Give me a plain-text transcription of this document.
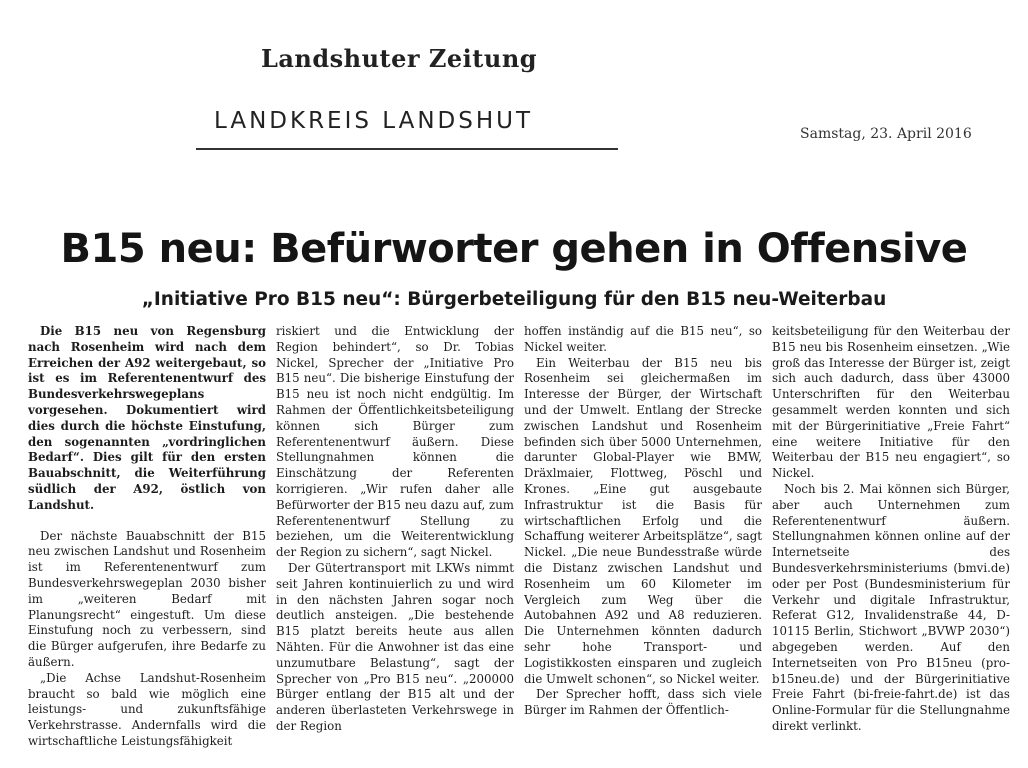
Landshuter Zeitung
LANDKREIS LANDSHUT	Samstag, 23. April 2016
B15 neu: Befürworter gehen in Offensive
„Initiative Pro B15 neu“: Bürgerbeteiligung für den B15 neu-Weiterbau

Die B15 neu von Regensburg nach Rosenheim wird nach dem Erreichen der A92 weitergebaut, so ist es im Referentenentwurf des Bundesverkehrswegeplans vorgesehen. Dokumentiert wird dies durch die höchste Einstufung, den sogenannten „vordringlichen Bedarf“. Dies gilt für den ersten Bauabschnitt, die Weiterführung südlich der A92, östlich von Landshut.

Der nächste Bauabschnitt der B15 neu zwischen Landshut und Rosenheim ist im Referentenentwurf zum Bundesverkehrswegeplan 2030 bisher im „weiteren Bedarf mit Planungsrecht“ eingestuft. Um diese Einstufung noch zu verbessern, sind die Bürger aufgerufen, ihre Bedarfe zu äußern.

„Die Achse Landshut-Rosenheim braucht so bald wie möglich eine leistungs- und zukunftsfähige Verkehrstrasse. Andernfalls wird die wirtschaftliche Leistungsfähigkeit

riskiert und die Entwicklung der Region behindert“, so Dr. Tobias Nickel, Sprecher der „Initiative Pro B15 neu“. Die bisherige Einstufung der B15 neu ist noch nicht endgültig. Im Rahmen der Öffentlichkeitsbeteiligung können sich Bürger zum Referentenentwurf äußern. Diese Stellungnahmen können die Einschätzung der Referenten korrigieren. „Wir rufen daher alle Befürworter der B15 neu dazu auf, zum Referentenentwurf Stellung zu beziehen, um die Weiterentwicklung der Region zu sichern“, sagt Nickel.

Der Gütertransport mit LKWs nimmt seit Jahren kontinuierlich zu und wird in den nächsten Jahren sogar noch deutlich ansteigen. „Die bestehende B15 platzt bereits heute aus allen Nähten. Für die Anwohner ist das eine unzumutbare Belastung“, sagt der Sprecher von „Pro B15 neu“. „200000 Bürger entlang der B15 alt und der anderen überlasteten Verkehrswege in der Region

hoffen inständig auf die B15 neu“, so Nickel weiter.

Ein Weiterbau der B15 neu bis Rosenheim sei gleichermaßen im Interesse der Bürger, der Wirtschaft und der Umwelt. Entlang der Strecke zwischen Landshut und Rosenheim befinden sich über 5000 Unternehmen, darunter Global-Player wie BMW, Dräxlmaier, Flottweg, Pöschl und Krones. „Eine gut ausgebaute Infrastruktur ist die Basis für wirtschaftlichen Erfolg und die Schaffung weiterer Arbeitsplätze“, sagt Nickel. „Die neue Bundesstraße würde die Distanz zwischen Landshut und Rosenheim um 60 Kilometer im Vergleich zum Weg über die Autobahnen A92 und A8 reduzieren. Die Unternehmen könnten dadurch sehr hohe Transport- und Logistikkosten einsparen und zugleich die Umwelt schonen“, so Nickel weiter.

Der Sprecher hofft, dass sich viele Bürger im Rahmen der Öffentlich-

keitsbeteiligung für den Weiterbau der B15 neu bis Rosenheim einsetzen. „Wie groß das Interesse der Bürger ist, zeigt sich auch dadurch, dass über 43000 Unterschriften für den Weiterbau gesammelt werden konnten und sich mit der Bürgerinitiative „Freie Fahrt“ eine weitere Initiative für den Weiterbau der B15 neu engagiert“, so Nickel.

Noch bis 2. Mai können sich Bürger, aber auch Unternehmen zum Referentenentwurf äußern. Stellungnahmen können online auf der Internetseite des Bundesverkehrsministeriums (bmvi.de) oder per Post (Bundesministerium für Verkehr und digitale Infrastruktur, Referat G12, Invalidenstraße 44, D-10115 Berlin, Stichwort „BVWP 2030“) abgegeben werden. Auf den Internetseiten von Pro B15neu (pro-b15neu.de) und der Bürgerinitiative Freie Fahrt (bi-freie-fahrt.de) ist das Online-Formular für die Stellungnahme direkt verlinkt.
